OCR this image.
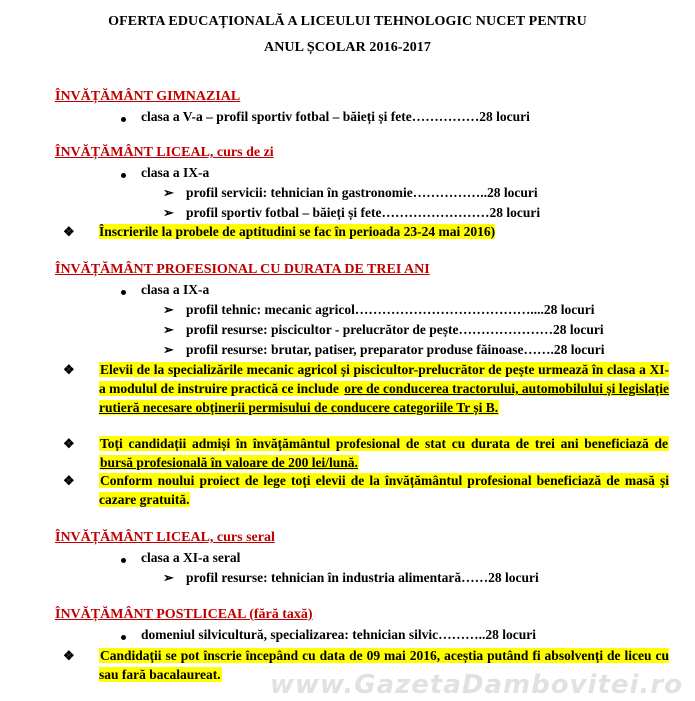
OFERTA EDUCAȚIONALĂ A LICEULUI TEHNOLOGIC NUCET PENTRU
ANUL ȘCOLAR 2016-2017
ÎNVĂȚĂMÂNT GIMNAZIAL
clasa a V-a – profil sportiv fotbal – băieți și fete……………28 locuri
ÎNVĂȚĂMÂNT LICEAL, curs de zi
clasa a IX-a
➢ profil servicii: tehnician în gastronomie……………..28 locuri
➢ profil sportiv fotbal – băieți și fete……………………28 locuri
❖ Înscrierile la probele de aptitudini se fac în perioada 23-24 mai 2016)
ÎNVĂȚĂMÂNT PROFESIONAL CU DURATA DE TREI ANI
clasa a IX-a
➢ profil tehnic: mecanic agricol…………………………………....28 locuri
➢ profil resurse: piscicultor - prelucrător de pește…………………28 locuri
➢ profil resurse: brutar, patiser, preparator produse făinoase…….28 locuri
❖ Elevii de la specializările mecanic agricol și piscicultor-prelucrător de pește urmează în clasa a XI-a modulul de instruire practică ce include ore de conducerea tractorului, automobilului și legislație rutieră necesare obținerii permisului de conducere categoriile Tr și B.
❖ Toți candidații admiși în învățământul profesional de stat cu durata de trei ani beneficiază de bursă profesională în valoare de 200 lei/lună.
❖ Conform noului proiect de lege toți elevii de la învățământul profesional beneficiază de masă și cazare gratuită.
ÎNVĂȚĂMÂNT LICEAL, curs seral
clasa a XI-a seral
➢ profil resurse: tehnician în industria alimentară……28 locuri
ÎNVĂȚĂMÂNT POSTLICEAL (fără taxă)
domeniul silvicultură, specializarea: tehnician silvic………..28 locuri
❖ Candidații se pot înscrie începând cu data de 09 mai 2016, aceștia putând fi absolvenți de liceu cu sau fară bacalaureat.	www.GazetaDambovitei.ro
